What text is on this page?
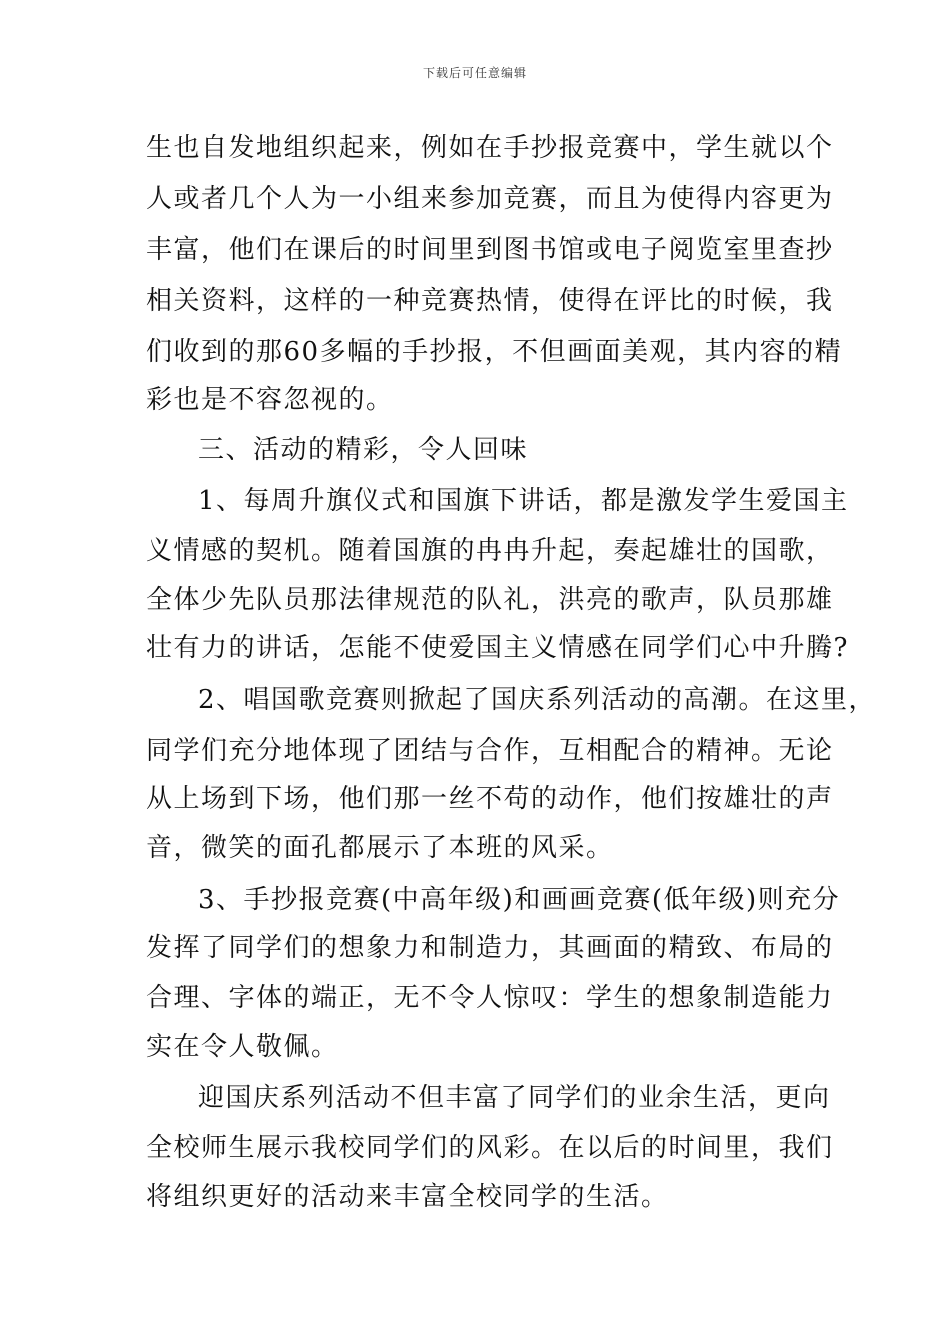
下载后可任意编辑
生也自发地组织起来，例如在手抄报竞赛中，学生就以个
人或者几个人为一小组来参加竞赛，而且为使得内容更为
丰富，他们在课后的时间里到图书馆或电子阅览室里查抄
相关资料，这样的一种竞赛热情，使得在评比的时候，我
们收到的那60多幅的手抄报，不但画面美观，其内容的精
彩也是不容忽视的。
三、活动的精彩，令人回味
1、每周升旗仪式和国旗下讲话，都是激发学生爱国主
义情感的契机。随着国旗的冉冉升起，奏起雄壮的国歌，
全体少先队员那法律规范的队礼，洪亮的歌声，队员那雄
壮有力的讲话，怎能不使爱国主义情感在同学们心中升腾?
2、唱国歌竞赛则掀起了国庆系列活动的高潮。在这里，
同学们充分地体现了团结与合作，互相配合的精神。无论
从上场到下场，他们那一丝不苟的动作，他们按雄壮的声
音，微笑的面孔都展示了本班的风采。
3、手抄报竞赛(中高年级)和画画竞赛(低年级)则充分
发挥了同学们的想象力和制造力，其画面的精致、布局的
合理、字体的端正，无不令人惊叹：学生的想象制造能力
实在令人敬佩。
迎国庆系列活动不但丰富了同学们的业余生活，更向
全校师生展示我校同学们的风彩。在以后的时间里，我们
将组织更好的活动来丰富全校同学的生活。
